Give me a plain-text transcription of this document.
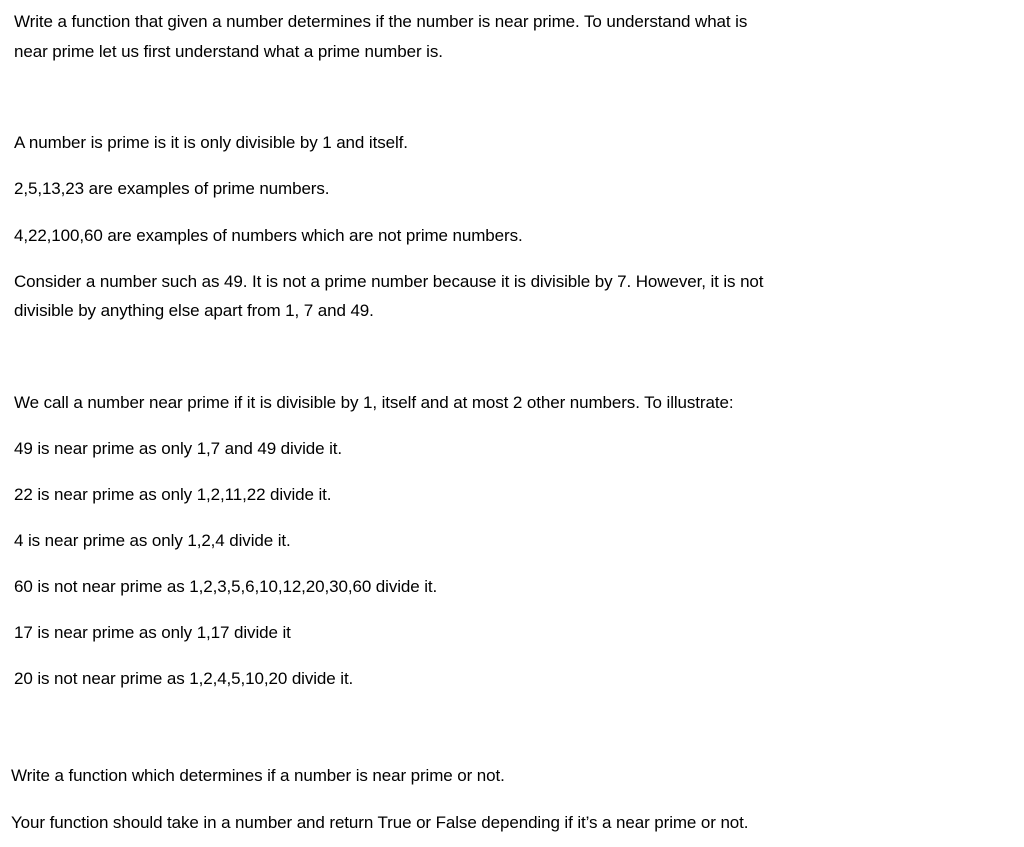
Write a function that given a number determines if the number is near prime. To understand what is
near prime let us first understand what a prime number is.
A number is prime is it is only divisible by 1 and itself.
2,5,13,23 are examples of prime numbers.
4,22,100,60 are examples of numbers which are not prime numbers.
Consider a number such as 49. It is not a prime number because it is divisible by 7. However, it is not
divisible by anything else apart from 1, 7 and 49.
We call a number near prime if it is divisible by 1, itself and at most 2 other numbers. To illustrate:
49 is near prime as only 1,7 and 49 divide it.
22 is near prime as only 1,2,11,22 divide it.
4 is near prime as only 1,2,4 divide it.
60 is not near prime as 1,2,3,5,6,10,12,20,30,60 divide it.
17 is near prime as only 1,17 divide it
20 is not near prime as 1,2,4,5,10,20 divide it.
Write a function which determines if a number is near prime or not.
Your function should take in a number and return True or False depending if it’s a near prime or not.
